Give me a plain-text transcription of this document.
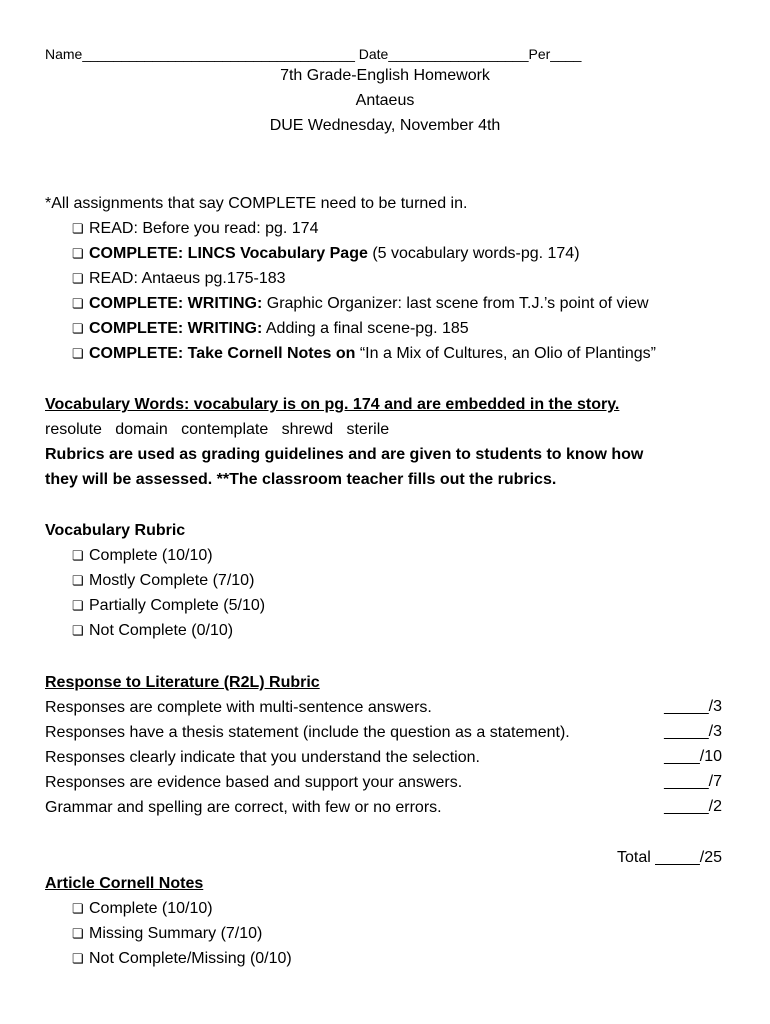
Name___________________________________ Date__________________Per____
7th Grade-English Homework
Antaeus
DUE Wednesday, November 4th
*All assignments that say COMPLETE need to be turned in.
❏ READ: Before you read: pg. 174
❏ COMPLETE: LINCS Vocabulary Page (5 vocabulary words-pg. 174)
❏ READ: Antaeus pg.175-183
❏ COMPLETE: WRITING: Graphic Organizer: last scene from T.J.’s point of view
❏ COMPLETE: WRITING: Adding a final scene-pg. 185
❏ COMPLETE: Take Cornell Notes on “In a Mix of Cultures, an Olio of Plantings”
Vocabulary Words: vocabulary is on pg. 174 and are embedded in the story.
resolute   domain   contemplate   shrewd   sterile
Rubrics are used as grading guidelines and are given to students to know how
they will be assessed. **The classroom teacher fills out the rubrics.
Vocabulary Rubric
❏ Complete (10/10)
❏ Mostly Complete (7/10)
❏ Partially Complete (5/10)
❏ Not Complete (0/10)
Response to Literature (R2L) Rubric
Responses are complete with multi-sentence answers.	_____/3
Responses have a thesis statement (include the question as a statement).	_____/3
Responses clearly indicate that you understand the selection.	____/10
Responses are evidence based and support your answers.	_____/7
Grammar and spelling are correct, with few or no errors.	_____/2
Total _____/25
Article Cornell Notes
❏ Complete (10/10)
❏ Missing Summary (7/10)
❏ Not Complete/Missing (0/10)
